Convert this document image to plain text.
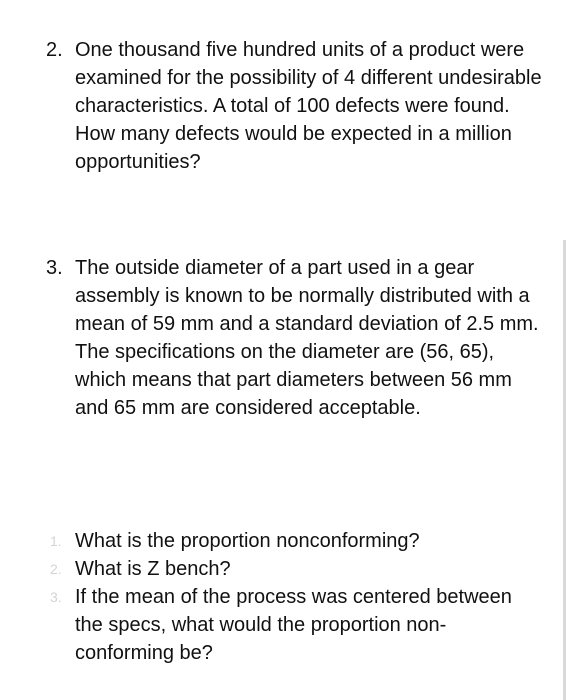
2. One thousand five hundred units of a product were examined for the possibility of 4 different undesirable characteristics. A total of 100 defects were found. How many defects would be expected in a million opportunities?
3. The outside diameter of a part used in a gear assembly is known to be normally distributed with a mean of 59 mm and a standard deviation of 2.5 mm. The specifications on the diameter are (56, 65), which means that part diameters between 56 mm and 65 mm are considered acceptable.
1. What is the proportion nonconforming?
2. What is Z bench?
3. If the mean of the process was centered between the specs, what would the proportion non-conforming be?
